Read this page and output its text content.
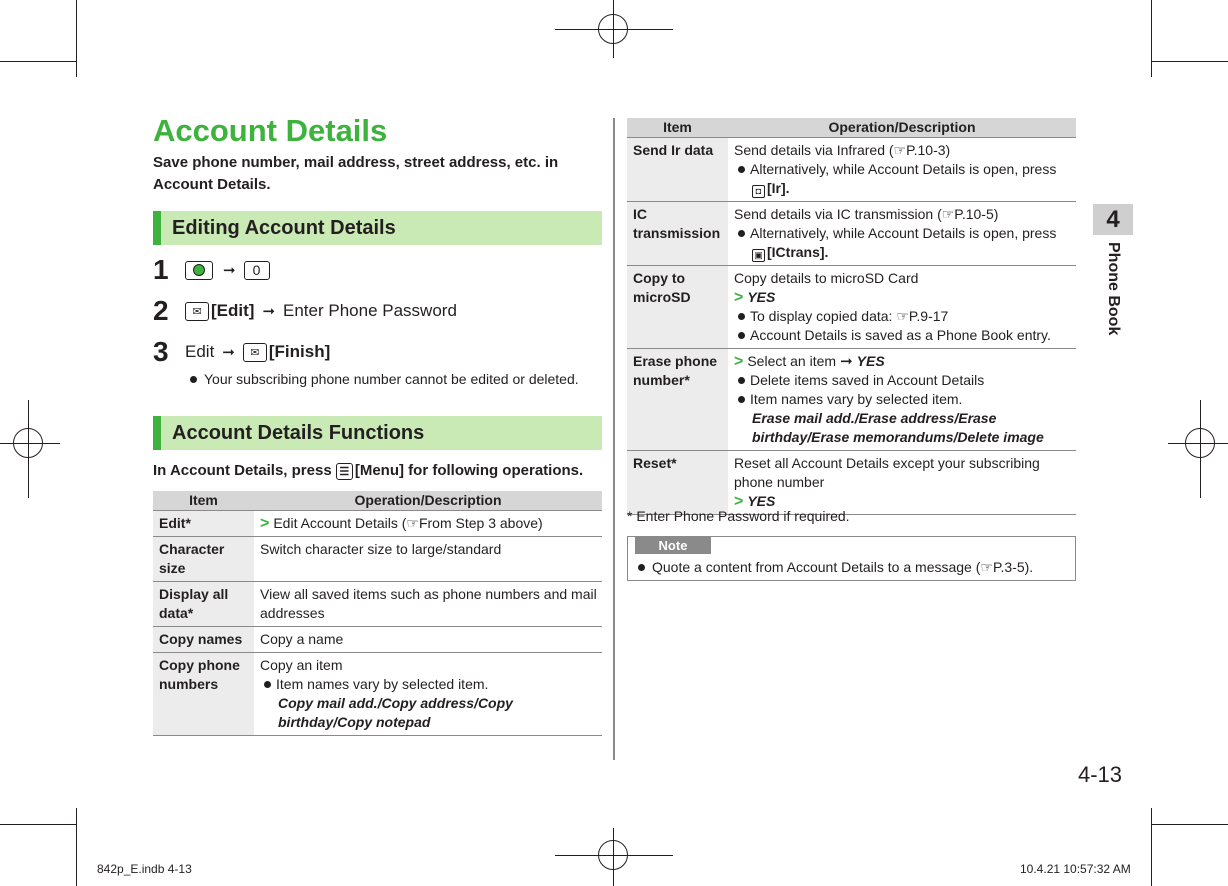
4
Phone Book
Account Details

Save phone number, mail address, street address, etc. in Account Details.

Editing Account Details
1	➞	0
2	✉ [Edit] ➞ Enter Phone Password
3 Edit ➞	✉ [Finish]
Your subscribing phone number cannot be edited or deleted.
Account Details Functions
In Account Details, press ☰ [Menu] for following operations.
Item	Operation/Description
Edit*	> Edit Account Details (☞From Step 3 above)
Character size	Switch character size to large/standard
Display all data*	View all saved items such as phone numbers and mail addresses
Copy names	Copy a name
Copy phone numbers	Copy an item
Item names vary by selected item.
Copy mail add./Copy address/Copy birthday/Copy notepad
Item	Operation/Description
Send Ir data	Send details via Infrared (☞P.10-3)
Alternatively, while Account Details is open, press
◘ [Ir].

IC transmission	Send details via IC transmission (☞P.10-5)
Alternatively, while Account Details is open, press
▣ [ICtrans].

Copy to microSD	Copy details to microSD Card
> YES
To display copied data: ☞P.9-17
Account Details is saved as a Phone Book entry.

Erase phone number*	> Select an item ➞ YES
Delete items saved in Account Details
Item names vary by selected item.
Erase mail add./Erase address/Erase birthday/Erase memorandums/Delete image

Reset*	Reset all Account Details except your subscribing phone number
> YES
* Enter Phone Password if required.
Note
Quote a content from Account Details to a message (☞P.3-5).
4-13
842p_E.indb 4-13	10.4.21 10:57:32 AM
